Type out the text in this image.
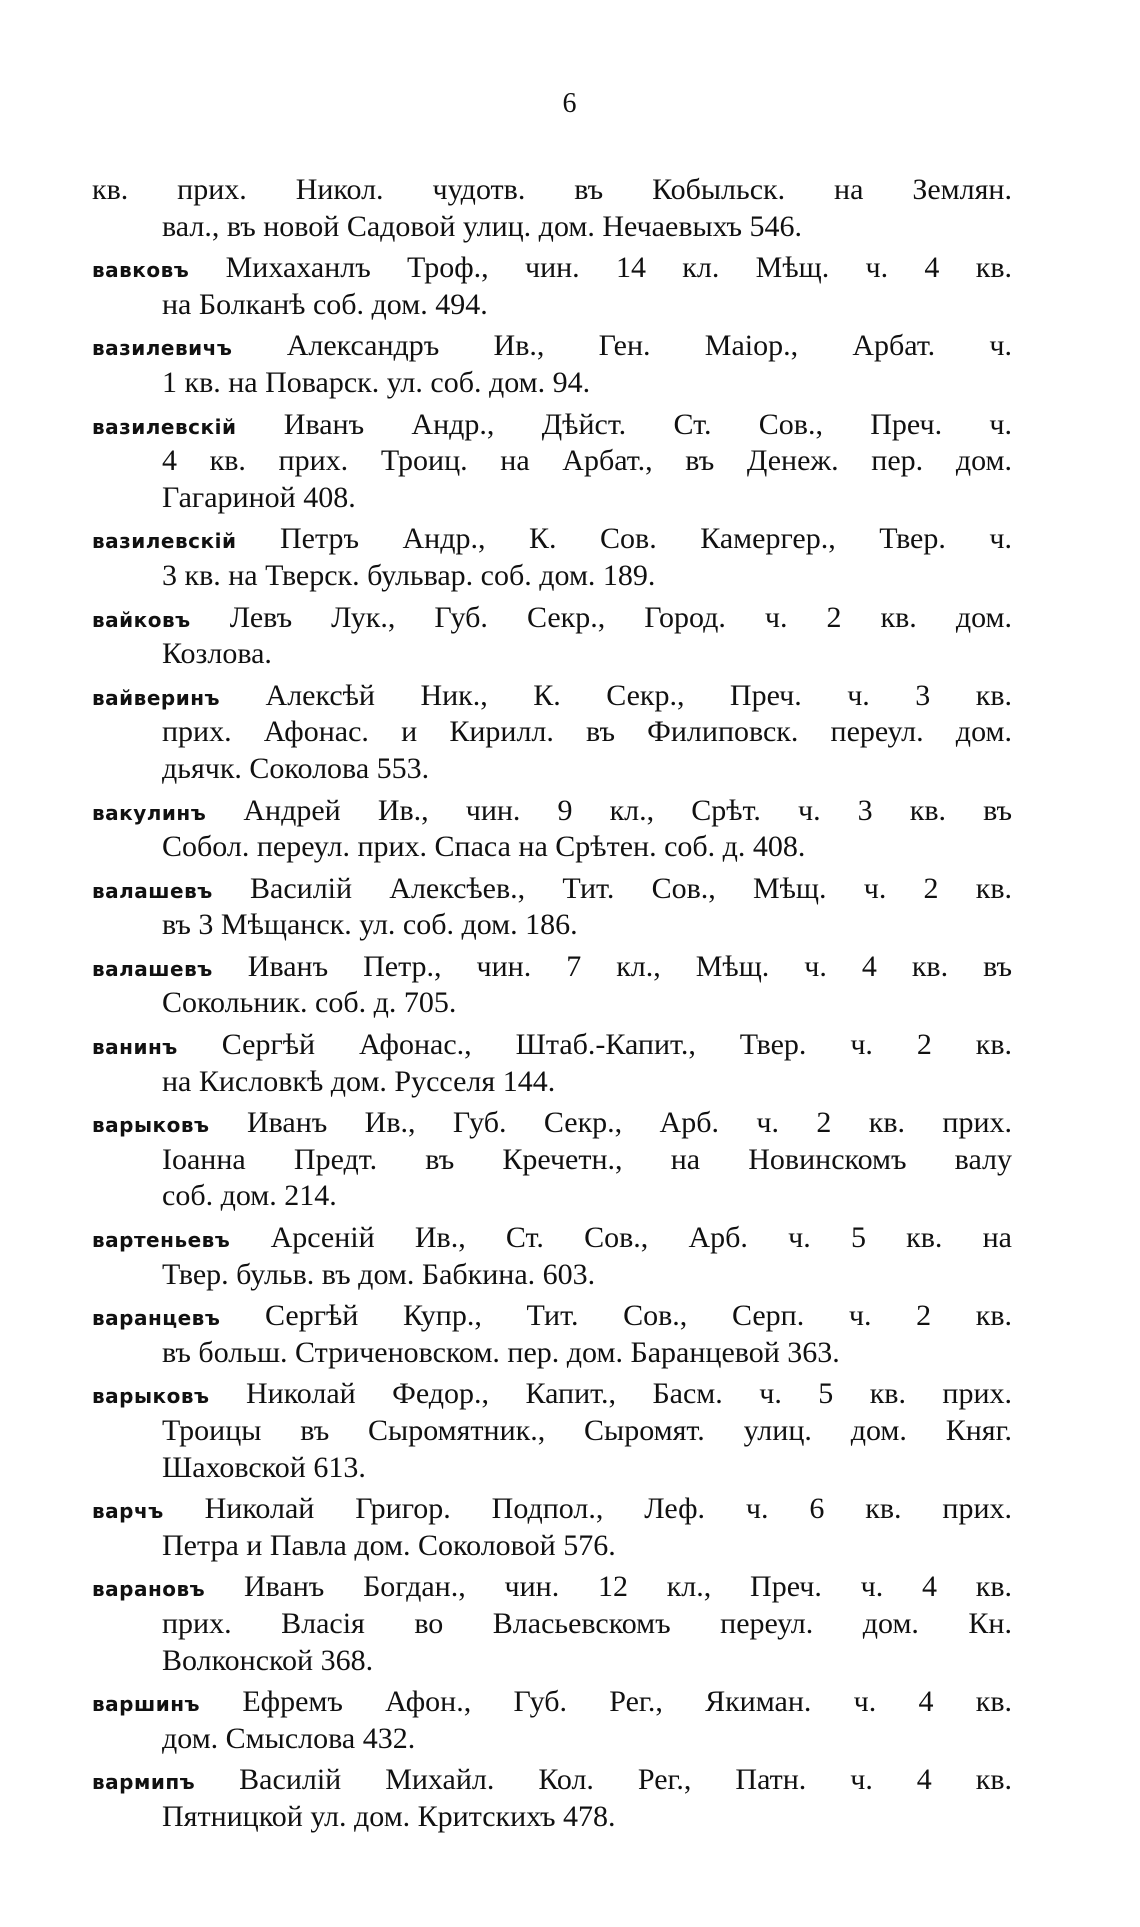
6
кв. прих. Никол. чудотв. въ Кобыльск. на Землян.
вал., въ новой Садовой улиц. дом. Нечаевыхъ 546.
вавковъ Михаханлъ Троф., чин. 14 кл. Мѣщ. ч. 4 кв.
на Болканѣ соб. дом. 494.
вазилевичъ Александръ Ив., Ген. Маіор., Арбат. ч.
1 кв. на Поварск. ул. соб. дом. 94.
вазилевскій Иванъ Андр., Дѣйст. Ст. Сов., Преч. ч.
4 кв. прих. Троиц. на Арбат., въ Денеж. пер. дом.
Гагариной 408.
вазилевскій Петръ Андр., К. Сов. Камергер., Твер. ч.
3 кв. на Тверск. бульвар. соб. дом. 189.
вайковъ Левъ Лук., Губ. Секр., Город. ч. 2 кв. дом.
Козлова.
вайверинъ Алексѣй Ник., К. Секр., Преч. ч. 3 кв.
прих. Афонас. и Кирилл. въ Филиповск. переул. дом.
дьячк. Соколова 553.
вакулинъ Андрей Ив., чин. 9 кл., Срѣт. ч. 3 кв. въ
Собол. переул. прих. Спаса на Срѣтен. соб. д. 408.
валашевъ Василій Алексѣев., Тит. Сов., Мѣщ. ч. 2 кв.
въ 3 Мѣщанск. ул. соб. дом. 186.
валашевъ Иванъ Петр., чин. 7 кл., Мѣщ. ч. 4 кв. въ
Сокольник. соб. д. 705.
ванинъ Сергѣй Афонас., Штаб.-Капит., Твер. ч. 2 кв.
на Кисловкѣ дом. Русселя 144.
варыковъ Иванъ Ив., Губ. Секр., Арб. ч. 2 кв. прих.
Іоанна Предт. въ Кречетн., на Новинскомъ валу
соб. дом. 214.
вартеньевъ Арсеній Ив., Ст. Сов., Арб. ч. 5 кв. на
Твер. бульв. въ дом. Бабкина. 603.
варанцевъ Сергѣй Купр., Тит. Сов., Серп. ч. 2 кв.
въ больш. Стриченовском. пер. дом. Баранцевой 363.
варыковъ Николай Федор., Капит., Басм. ч. 5 кв. прих.
Троицы въ Сыромятник., Сыромят. улиц. дом. Княг.
Шаховской 613.
варчъ Николай Григор. Подпол., Леф. ч. 6 кв. прих.
Петра и Павла дом. Соколовой 576.
варановъ Иванъ Богдан., чин. 12 кл., Преч. ч. 4 кв.
прих. Власія во Власьевскомъ переул. дом. Кн.
Волконской 368.
варшинъ Ефремъ Афон., Губ. Рег., Якиман. ч. 4 кв.
дом. Смыслова 432.
вармипъ Василій Михайл. Кол. Рег., Патн. ч. 4 кв.
Пятницкой ул. дом. Критскихъ 478.
